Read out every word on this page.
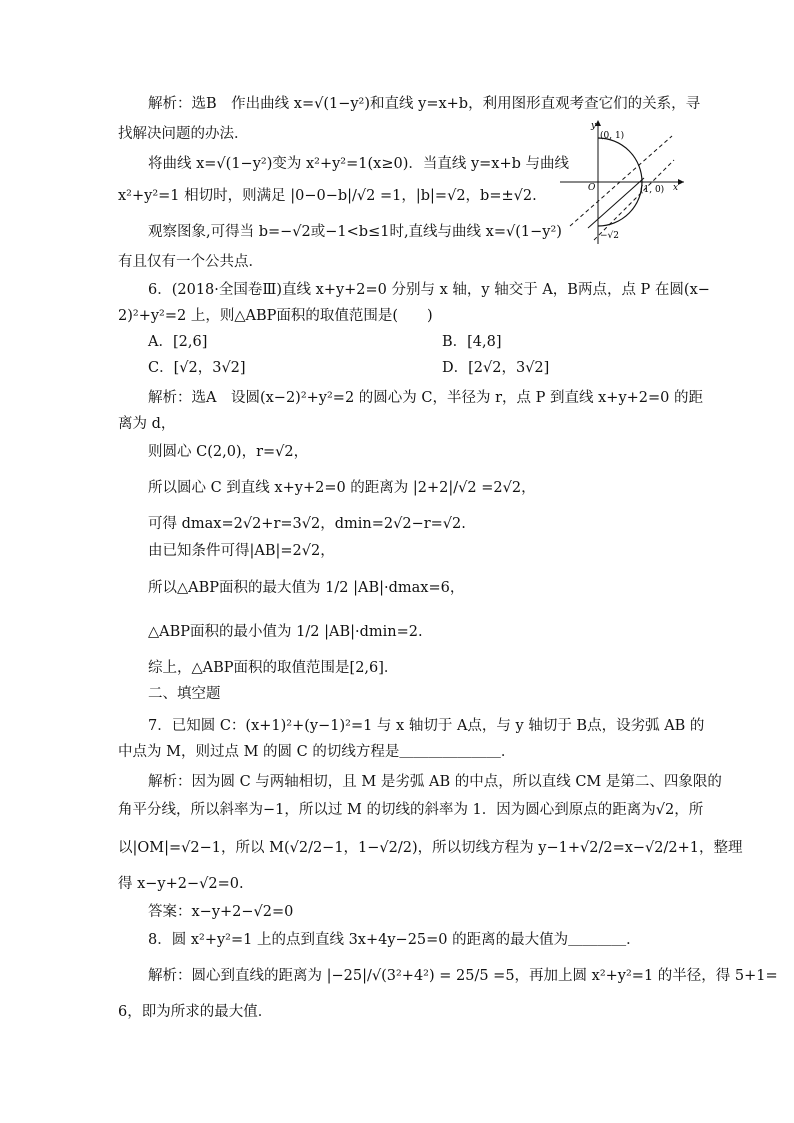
解析：选B　作出曲线 x=√(1−y²)和直线 y=x+b，利用图形直观考查它们的关系，寻
找解决问题的办法．
将曲线 x=√(1−y²)变为 x²+y²=1(x≥0)．当直线 y=x+b 与曲线
x²+y²=1 相切时，则满足 |0−0−b|/√2 =1，|b|=√2，b=±√2.
观察图象,可得当 b=−√2或−1<b≤1时,直线与曲线 x=√(1−y²)
有且仅有一个公共点．
y
(0, 1)
O	(1, 0) x
−√2
6．(2018·全国卷Ⅲ)直线 x+y+2=0 分别与 x 轴，y 轴交于 A，B两点，点 P 在圆(x−
2)²+y²=2 上，则△ABP面积的取值范围是(　　)
A．[2,6]	B．[4,8]
C．[√2，3√2]	D．[2√2，3√2]
解析：选A　设圆(x−2)²+y²=2 的圆心为 C，半径为 r，点 P 到直线 x+y+2=0 的距
离为 d，
则圆心 C(2,0)，r=√2，
所以圆心 C 到直线 x+y+2=0 的距离为 |2+2|/√2 =2√2，
可得 dmax=2√2+r=3√2，dmin=2√2−r=√2.
由已知条件可得|AB|=2√2，
所以△ABP面积的最大值为 1/2 |AB|·dmax=6，
△ABP面积的最小值为 1/2 |AB|·dmin=2.
综上，△ABP面积的取值范围是[2,6]．
二、填空题
7．已知圆 C：(x+1)²+(y−1)²=1 与 x 轴切于 A点，与 y 轴切于 B点，设劣弧 AB 的
中点为 M，则过点 M 的圆 C 的切线方程是＿＿＿＿＿＿＿．
解析：因为圆 C 与两轴相切，且 M 是劣弧 AB 的中点，所以直线 CM 是第二、四象限的
角平分线，所以斜率为−1，所以过 M 的切线的斜率为 1．因为圆心到原点的距离为√2，所
以|OM|=√2−1，所以 M(√2/2−1，1−√2/2)，所以切线方程为 y−1+√2/2=x−√2/2+1，整理
得 x−y+2−√2=0.
答案：x−y+2−√2=0
8．圆 x²+y²=1 上的点到直线 3x+4y−25=0 的距离的最大值为＿＿＿＿．
解析：圆心到直线的距离为 |−25|/√(3²+4²) = 25/5 =5，再加上圆 x²+y²=1 的半径，得 5+1=
6，即为所求的最大值．
